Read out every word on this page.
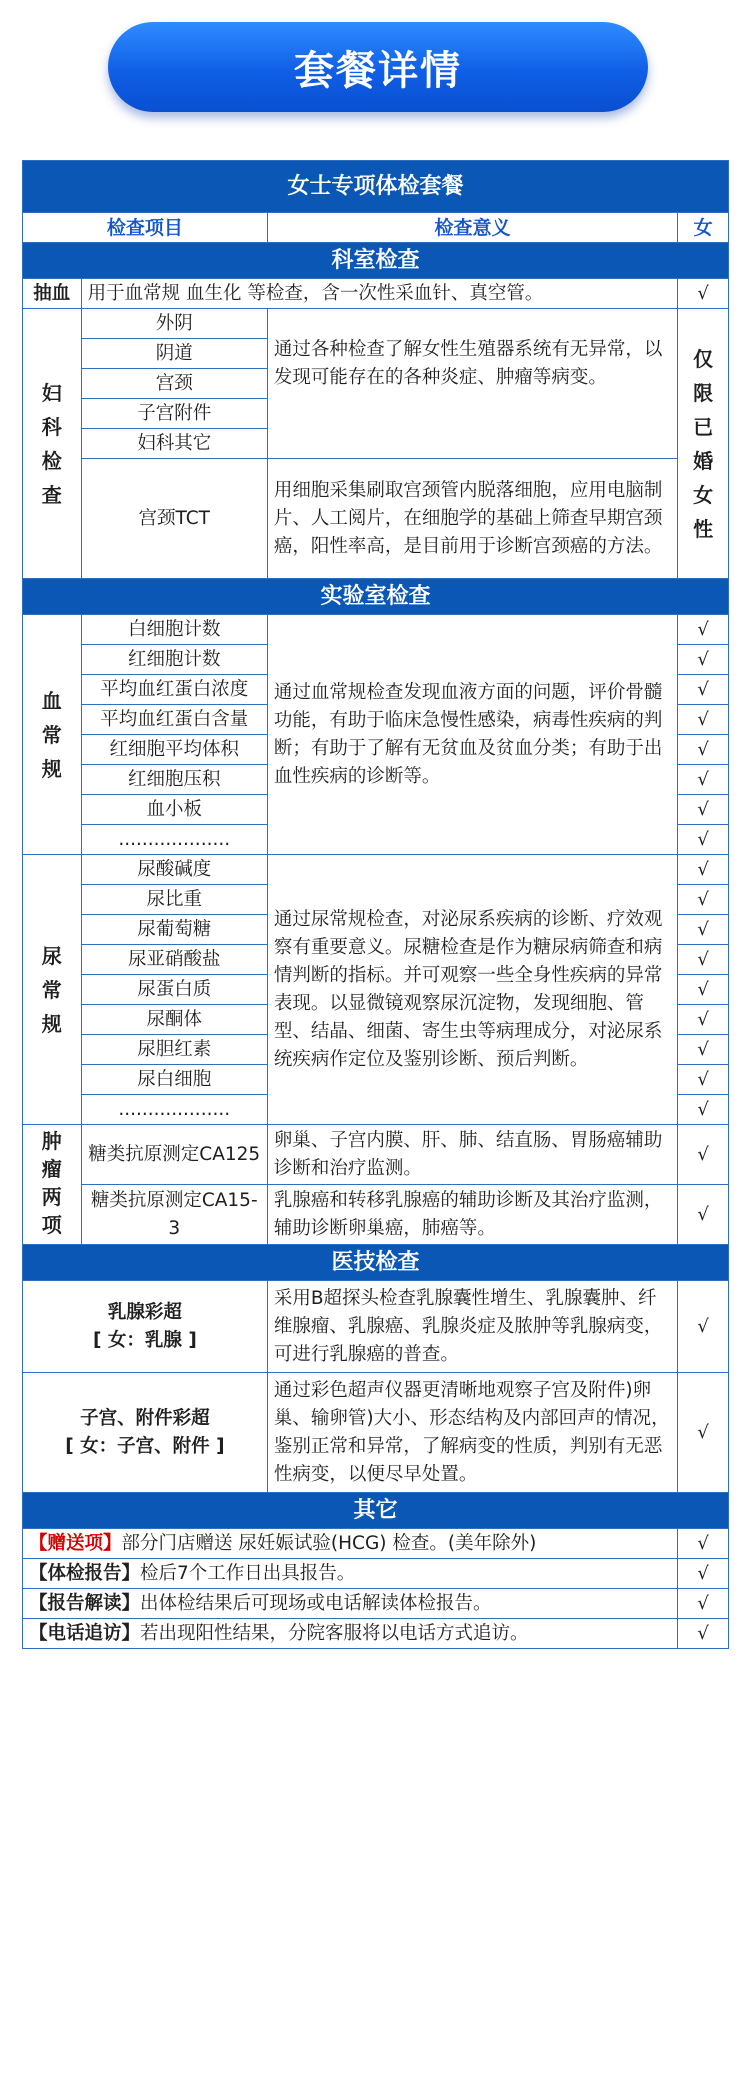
套餐详情
女士专项体检套餐			
检查项目		检查意义	女
科室检查			
抽血	用于血常规 血生化 等检查，含一次性采血针、真空管。		√
妇科检查	外阴	通过各种检查了解女性生殖器系统有无异常，以发现可能存在的各种炎症、肿瘤等病变。	仅限已婚女性
	阴道		
	宫颈		
	子宫附件		
	妇科其它		
	宫颈TCT	用细胞采集刷取宫颈管内脱落细胞，应用电脑制片、人工阅片，在细胞学的基础上筛查早期宫颈癌，阳性率高，是目前用于诊断宫颈癌的方法。	
实验室检查			
血常规	白细胞计数	通过血常规检查发现血液方面的问题，评价骨髓功能，有助于临床急慢性感染，病毒性疾病的判断；有助于了解有无贫血及贫血分类；有助于出血性疾病的诊断等。	√
	红细胞计数		√
	平均血红蛋白浓度		√
	平均血红蛋白含量		√
	红细胞平均体积		√
	红细胞压积		√
	血小板		√
	...................		√
尿常规	尿酸碱度	通过尿常规检查，对泌尿系疾病的诊断、疗效观察有重要意义。尿糖检查是作为糖尿病筛查和病情判断的指标。并可观察一些全身性疾病的异常表现。以显微镜观察尿沉淀物，发现细胞、管型、结晶、细菌、寄生虫等病理成分，对泌尿系统疾病作定位及鉴别诊断、预后判断。	√
	尿比重		√
	尿葡萄糖		√
	尿亚硝酸盐		√
	尿蛋白质		√
	尿酮体		√
	尿胆红素		√
	尿白细胞		√
	...................		√
肿瘤两项	糖类抗原测定CA125	卵巢、子宫内膜、肝、肺、结直肠、胃肠癌辅助诊断和治疗监测。	√
	糖类抗原测定CA15-3	乳腺癌和转移乳腺癌的辅助诊断及其治疗监测，辅助诊断卵巢癌，肺癌等。	√
医技检查			

乳腺彩超
[ 女：乳腺 ]		采用B超探头检查乳腺囊性增生、乳腺囊肿、纤维腺瘤、乳腺癌、乳腺炎症及脓肿等乳腺病变，可进行乳腺癌的普查。	√

子宫、附件彩超
[ 女：子宫、附件 ]		通过彩色超声仪器更清晰地观察子宫及附件)卵巢、输卵管)大小、形态结构及内部回声的情况，鉴别正常和异常，了解病变的性质，判别有无恶性病变，以便尽早处置。	√
其它			
【赠送项】部分门店赠送 尿妊娠试验(HCG) 检查。(美年除外)			√
【体检报告】检后7个工作日出具报告。			√
【报告解读】出体检结果后可现场或电话解读体检报告。			√
【电话追访】若出现阳性结果，分院客服将以电话方式追访。			√
